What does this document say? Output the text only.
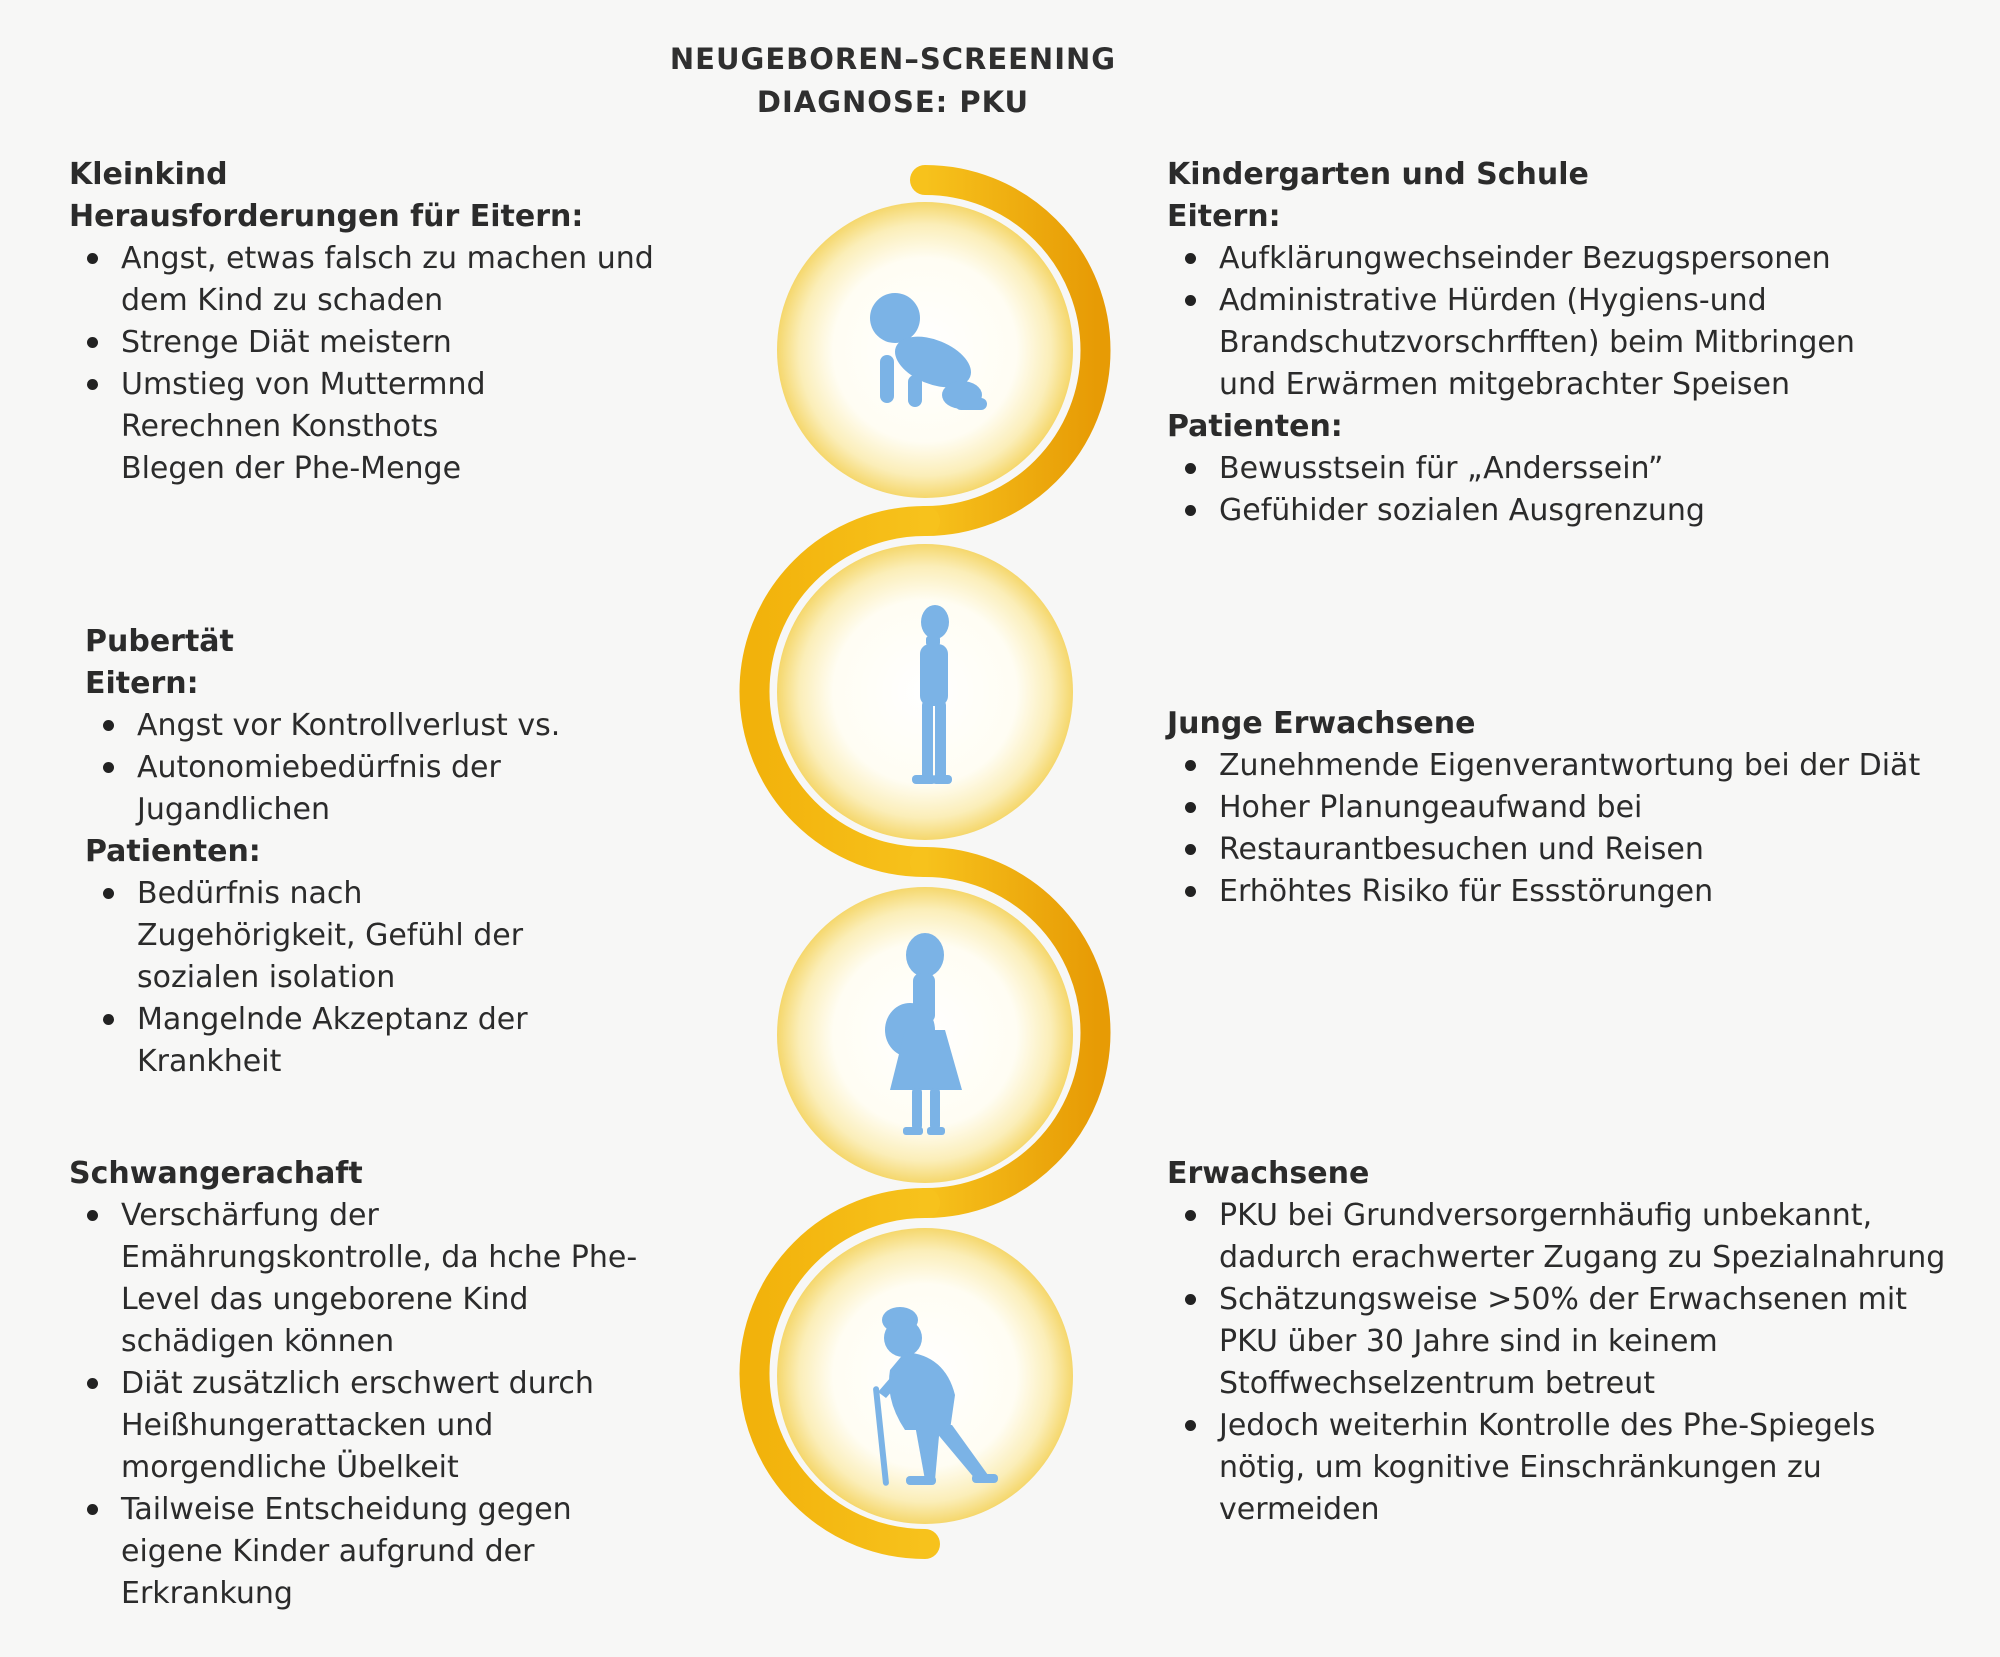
NEUGEBOREN–SCREENING
DIAGNOSE: PKU
Kleinkind
Herausforderungen für Eitern:
Angst, etwas falsch zu machen und dem Kind zu schaden
Strenge Diät meistern
Umstieg von Muttermnd Rerechnen Konsthots Blegen der Phe-Menge
Pubertät
Eitern:
Angst vor Kontrollverlust vs.
Autonomiebedürfnis der Jugandlichen
Patienten:
Bedürfnis nach Zugehörigkeit, Gefühl der sozialen isolation
Mangelnde Akzeptanz der Krankheit
Schwangerachaft
Verschärfung der Emährungskontrolle, da hche Phe-Level das ungeborene Kind schädigen können
Diät zusätzlich erschwert durch Heißhungerattacken und morgendliche Übelkeit
Tailweise Entscheidung gegen eigene Kinder aufgrund der Erkrankung
Kindergarten und Schule
Eitern:
Aufklärungwechseinder Bezugspersonen
Administrative Hürden (Hygiens-und Brandschutzvorschrfften) beim Mitbringen und Erwärmen mitgebrachter Speisen
Patienten:
Bewusstsein für „Anderssein”
Gefühider sozialen Ausgrenzung
Junge Erwachsene
Zunehmende Eigenverantwortung bei der Diät
Hoher Planungeaufwand bei
Restaurantbesuchen und Reisen
Erhöhtes Risiko für Essstörungen
Erwachsene
PKU bei Grundversorgernhäufig unbekannt, dadurch erachwerter Zugang zu Spezialnahrung
Schätzungsweise >50% der Erwachsenen mit PKU über 30 Jahre sind in keinem Stoffwechselzentrum betreut
Jedoch weiterhin Kontrolle des Phe-Spiegels nötig, um kognitive Einschränkungen zu vermeiden
